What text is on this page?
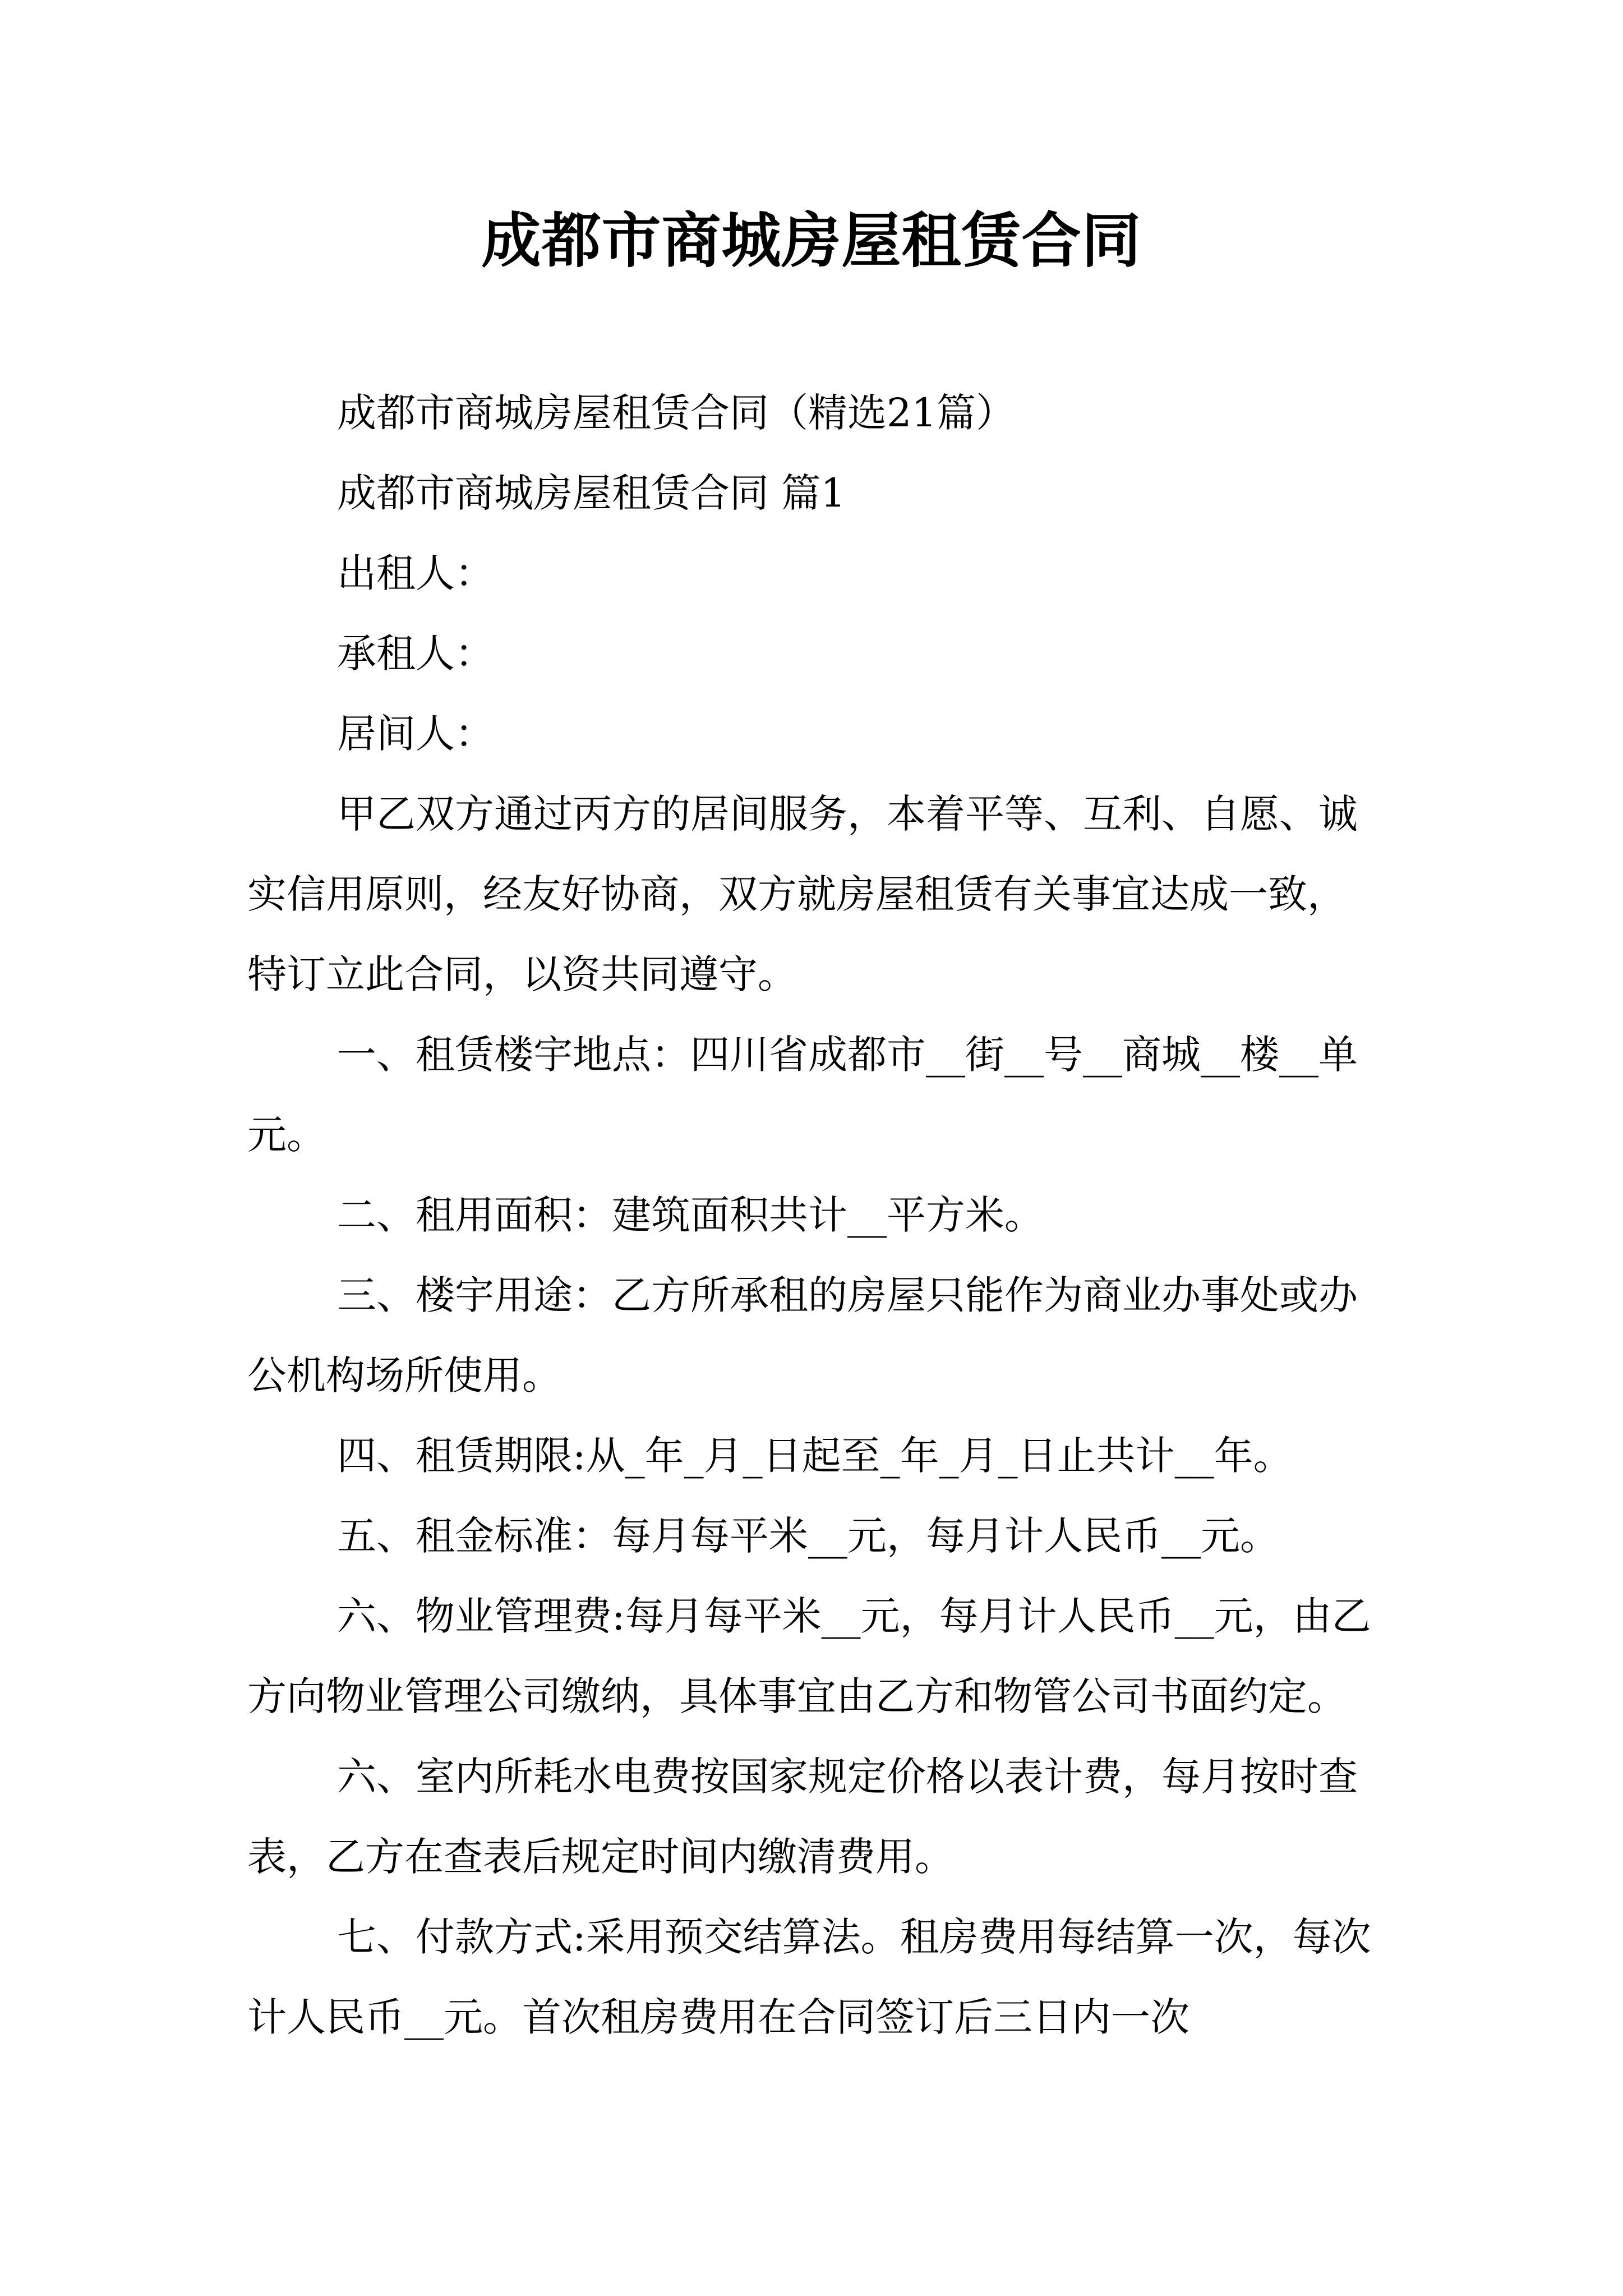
成都市商城房屋租赁合同

成都市商城房屋租赁合同（精选21篇）

成都市商城房屋租赁合同 篇1

出租人：

承租人：

居间人：

甲乙双方通过丙方的居间服务，本着平等、互利、自愿、诚实信用原则，经友好协商，双方就房屋租赁有关事宜达成一致，特订立此合同，以资共同遵守。

一、租赁楼宇地点：四川省成都市__街__号__商城__楼__单元。

二、租用面积：建筑面积共计__平方米。

三、楼宇用途：乙方所承租的房屋只能作为商业办事处或办公机构场所使用。

四、租赁期限:从_年_月_日起至_年_月_日止共计__年。

五、租金标准：每月每平米__元，每月计人民币__元。

六、物业管理费:每月每平米__元，每月计人民币__元，由乙方向物业管理公司缴纳，具体事宜由乙方和物管公司书面约定。

六、室内所耗水电费按国家规定价格以表计费，每月按时查表，乙方在查表后规定时间内缴清费用。

七、付款方式:采用预交结算法。租房费用每结算一次，每次计人民币__元。首次租房费用在合同签订后三日内一次
